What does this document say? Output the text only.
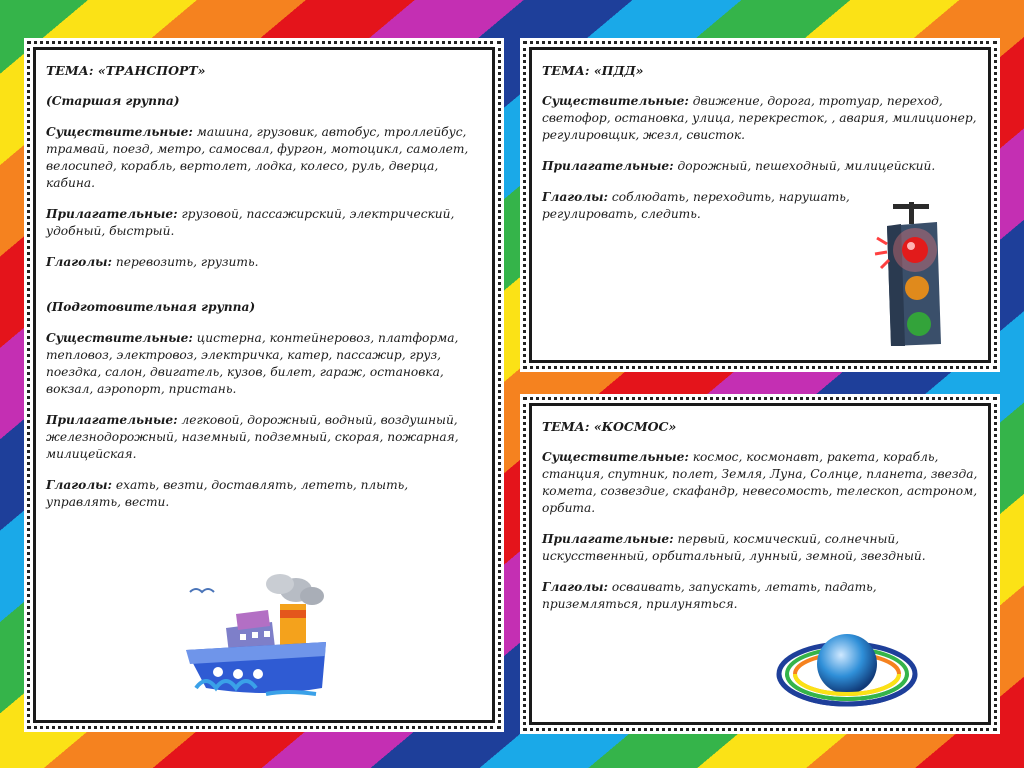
ТЕМА: «ТРАНСПОРТ»
(Старшая группа)
Существительные: машина, грузовик, автобус, троллейбус, трамвай, поезд, метро, самосвал, фургон, мотоцикл, самолет, велосипед, корабль, вертолет, лодка, колесо, руль, дверца, кабина.
Прилагательные: грузовой, пассажирский, электрический, удобный, быстрый.
Глаголы: перевозить, грузить.
(Подготовительная группа)
Существительные: цистерна, контейнеровоз, платформа, тепловоз, электровоз, электричка, катер, пассажир, груз, поездка, салон, двигатель, кузов, билет, гараж, остановка, вокзал, аэропорт, пристань.
Прилагательные: легковой, дорожный, водный, воздушный, железнодорожный, наземный, подземный, скорая, пожарная, милицейская.
Глаголы: ехать, везти, доставлять, лететь, плыть, управлять, вести.
ТЕМА: «ПДД»
Существительные: движение, дорога, тротуар, переход, светофор, остановка, улица, перекресток, , авария, милиционер, регулировщик, жезл, свисток.
Прилагательные: дорожный, пешеходный, милицейский.
Глаголы: соблюдать, переходить, нарушать, регулировать, следить.
ТЕМА: «КОСМОС»
Существительные: космос, космонавт, ракета, корабль, станция, спутник, полет, Земля, Луна, Солнце, планета, звезда, комета, созвездие, скафандр, невесомость, телескоп, астроном, орбита.
Прилагательные: первый, космический, солнечный, искусственный, орбитальный, лунный, земной, звездный.
Глаголы: осваивать, запускать, летать, падать, приземляться, прилуняться.
